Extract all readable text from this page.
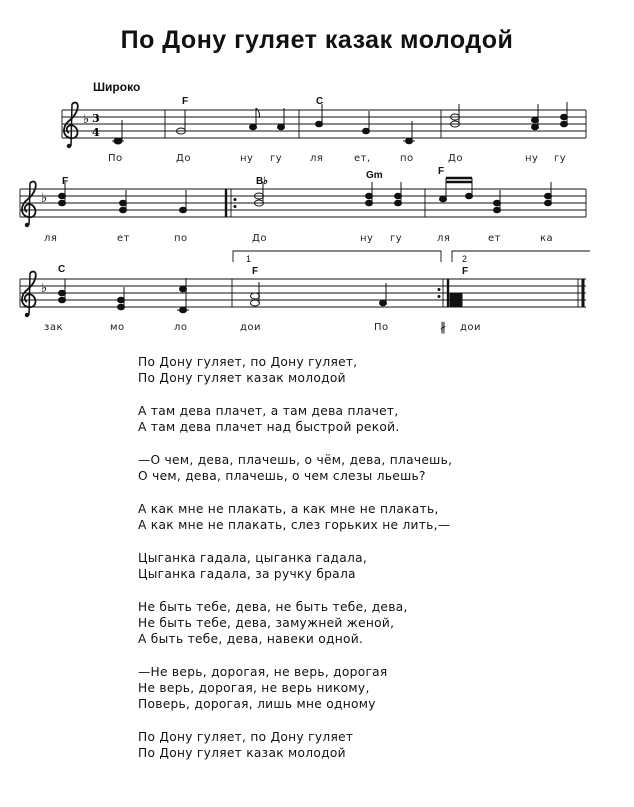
По Дону гуляет казак молодой
Широко
♭ 3
4
F	C
По	До	ну гу	ля	ет,	по	До	ну гу
♭
F	B♭
Gm	F
ля	ет	по	До	ну гу	ля	ет	ка
1	2
♭
C	F	F
зак	мо	ло	дои	По	∦ дои
По Дону гуляет, по Дону гуляет,
По Дону гуляет казак молодой
А там дева плачет, а там дева плачет,
А там дева плачет над быстрой рекой.
—О чем, дева, плачешь, о чём, дева, плачешь,
О чем, дева, плачешь, о чем слезы льешь?
А как мне не плакать, а как мне не плакать,
А как мне не плакать, слез горьких не лить,—
Цыганка гадала, цыганка гадала,
Цыганка гадала, за ручку брала
Не быть тебе, дева, не быть тебе, дева,
Не быть тебе, дева, замужней женой,
А быть тебе, дева, навеки одной.
—Не верь, дорогая, не верь, дорогая
Не верь, дорогая, не верь никому,
Поверь, дорогая, лишь мне одному
По Дону гуляет, по Дону гуляет
По Дону гуляет казак молодой
